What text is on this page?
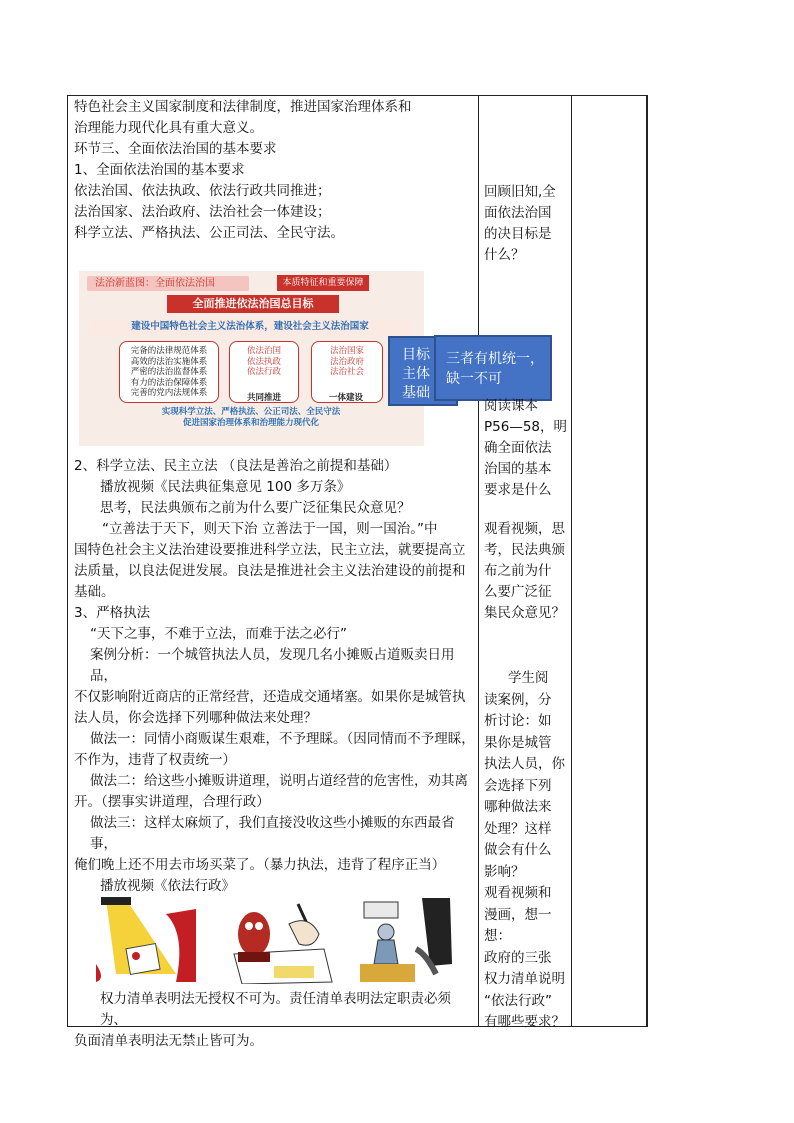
特色社会主义国家制度和法律制度，推进国家治理体系和

治理能力现代化具有重大意义。

环节三、全面依法治国的基本要求

1、全面依法治国的基本要求

依法治国、依法执政、依法行政共同推进；

法治国家、法治政府、法治社会一体建设；

科学立法、严格执法、公正司法、全民守法。

法治新蓝图：全面依法治国	本质特征和重要保障
全面推进依法治国总目标
建设中国特色社会主义法治体系，建设社会主义法治国家
完备的法律规范体系
高效的法治实施体系
严密的法治监督体系
有力的法治保障体系
完善的党内法规体系
依法治国
依法执政
依法行政
共同推进
法治国家
法治政府
法治社会
一体建设
实现科学立法、严格执法、公正司法、全民守法
促进国家治理体系和治理能力现代化
目标
主体
基础
三者有机统一，
缺一不可

2、科学立法、民主立法 （良法是善治之前提和基础）

播放视频《民法典征集意见 100 多万条》

思考，民法典颁布之前为什么要广泛征集民众意见？

“立善法于天下，则天下治 立善法于一国，则一国治。”中

国特色社会主义法治建设要推进科学立法，民主立法，就要提高立

法质量，以良法促进发展。良法是推进社会主义法治建设的前提和

基础。

3、严格执法

“天下之事，不难于立法，而难于法之必行”

案例分析：一个城管执法人员，发现几名小摊贩占道贩卖日用品，

不仅影响附近商店的正常经营，还造成交通堵塞。如果你是城管执

法人员，你会选择下列哪种做法来处理？

做法一：同情小商贩谋生艰难，不予理睬。（因同情而不予理睬，

不作为，违背了权责统一）

做法二：给这些小摊贩讲道理，说明占道经营的危害性，劝其离

开。（摆事实讲道理，合理行政）

做法三：这样太麻烦了，我们直接没收这些小摊贩的东西最省事，

俺们晚上还不用去市场买菜了。（暴力执法，违背了程序正当）

播放视频《依法行政》

权力清单表明法无授权不可为。责任清单表明法定职责必须为、

负面清单表明法无禁止皆可为。

回顾旧知,全

面依法治国

的决目标是

什么？

阅读课本

P56—58，明

确全面依法

治国的基本

要求是什么

观看视频，思

考，民法典颁

布之前为什

么要广泛征

集民众意见？

学生阅

读案例，分

析讨论：如

果你是城管

执法人员，你

会选择下列

哪种做法来

处理？这样

做会有什么

影响？

观看视频和

漫画，想一想：

政府的三张

权力清单说明

“依法行政”

有哪些要求？
